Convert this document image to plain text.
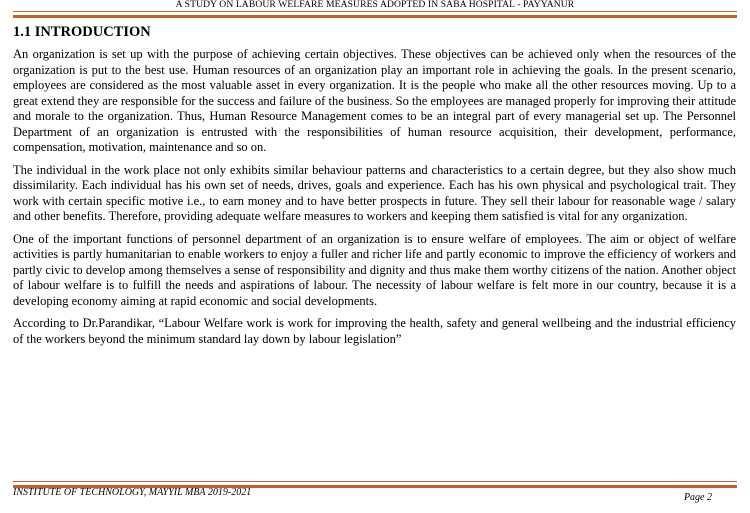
A STUDY ON LABOUR WELFARE MEASURES ADOPTED IN SABA HOSPITAL - PAYYANUR
1.1 INTRODUCTION

An organization is set up with the purpose of achieving certain objectives. These objectives can be achieved only when the resources of the organization is put to the best use. Human resources of an organization play an important role in achieving the goals. In the present scenario, employees are considered as the most valuable asset in every organization. It is the people who make all the other resources moving. Up to a great extend they are responsible for the success and failure of the business. So the employees are managed properly for improving their attitude and morale to the organization. Thus, Human Resource Management comes to be an integral part of every managerial set up. The Personnel Department of an organization is entrusted with the responsibilities of human resource acquisition, their development, performance, compensation, motivation, maintenance and so on.

The individual in the work place not only exhibits similar behaviour patterns and characteristics to a certain degree, but they also show much dissimilarity. Each individual has his own set of needs, drives, goals and experience. Each has his own physical and psychological trait. They work with certain specific motive i.e., to earn money and to have better prospects in future. They sell their labour for reasonable wage / salary and other benefits. Therefore, providing adequate welfare measures to workers and keeping them satisfied is vital for any organization.

One of the important functions of personnel department of an organization is to ensure welfare of employees. The aim or object of welfare activities is partly humanitarian to enable workers to enjoy a fuller and richer life and partly economic to improve the efficiency of workers and partly civic to develop among themselves a sense of responsibility and dignity and thus make them worthy citizens of the nation. Another object of labour welfare is to fulfill the needs and aspirations of labour. The necessity of labour welfare is felt more in our country, because it is a developing economy aiming at rapid economic and social developments.

According to Dr.Parandikar, “Labour Welfare work is work for improving the health, safety and general wellbeing and the industrial efficiency of the workers beyond the minimum standard lay down by labour legislation”

INSTITUTE OF TECHNOLOGY, MAYYIL MBA 2019-2021	Page 2
